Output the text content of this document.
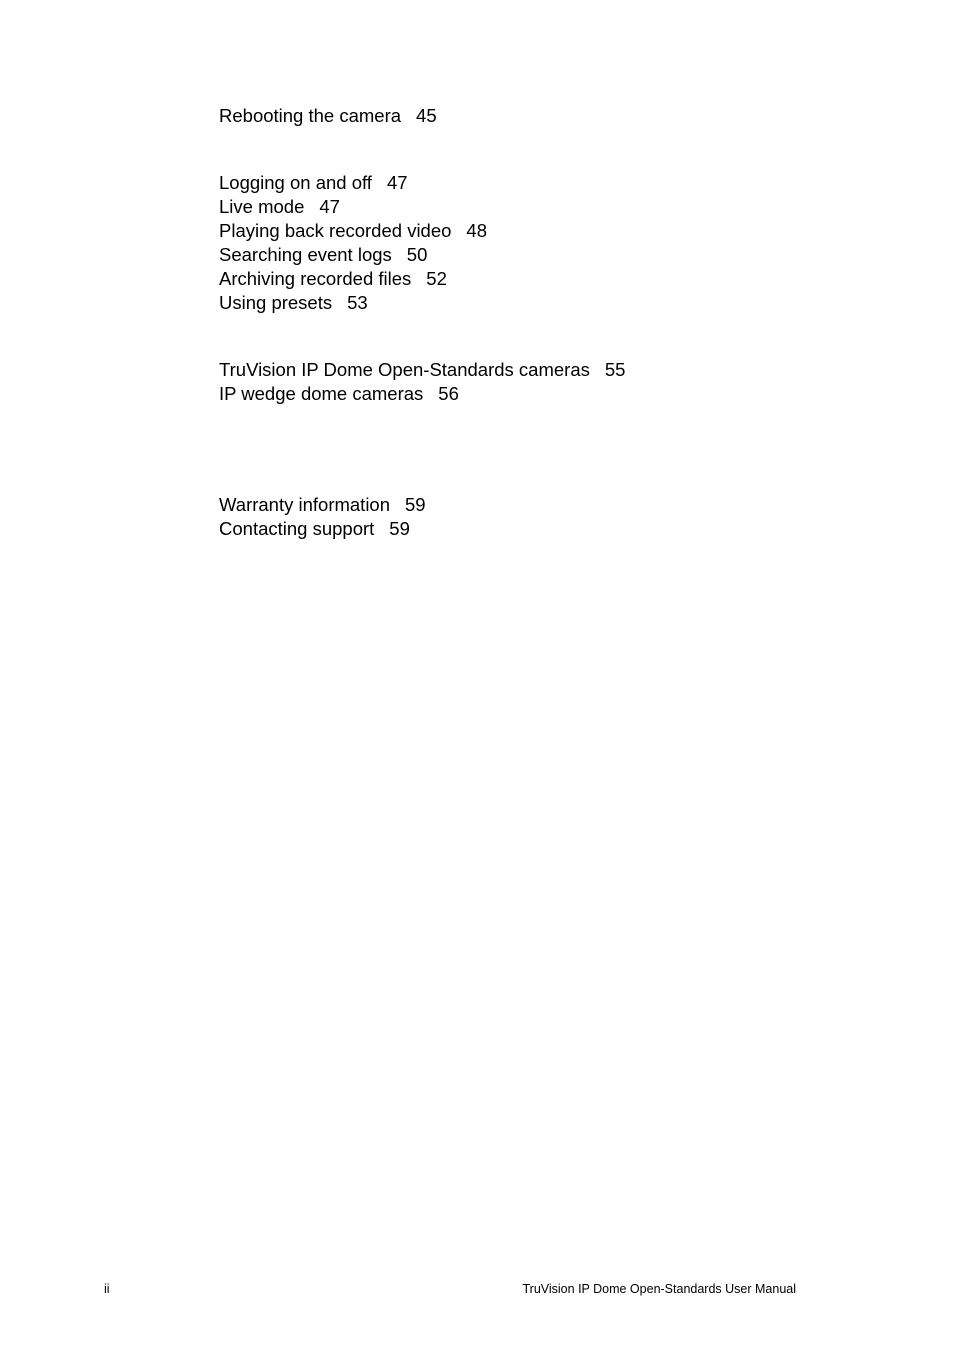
Rebooting the camera 45
Logging on and off 47
Live mode 47
Playing back recorded video 48
Searching event logs 50
Archiving recorded files 52
Using presets 53
TruVision IP Dome Open-Standards cameras 55
IP wedge dome cameras 56
Warranty information 59
Contacting support 59
ii	TruVision IP Dome Open-Standards User Manual
